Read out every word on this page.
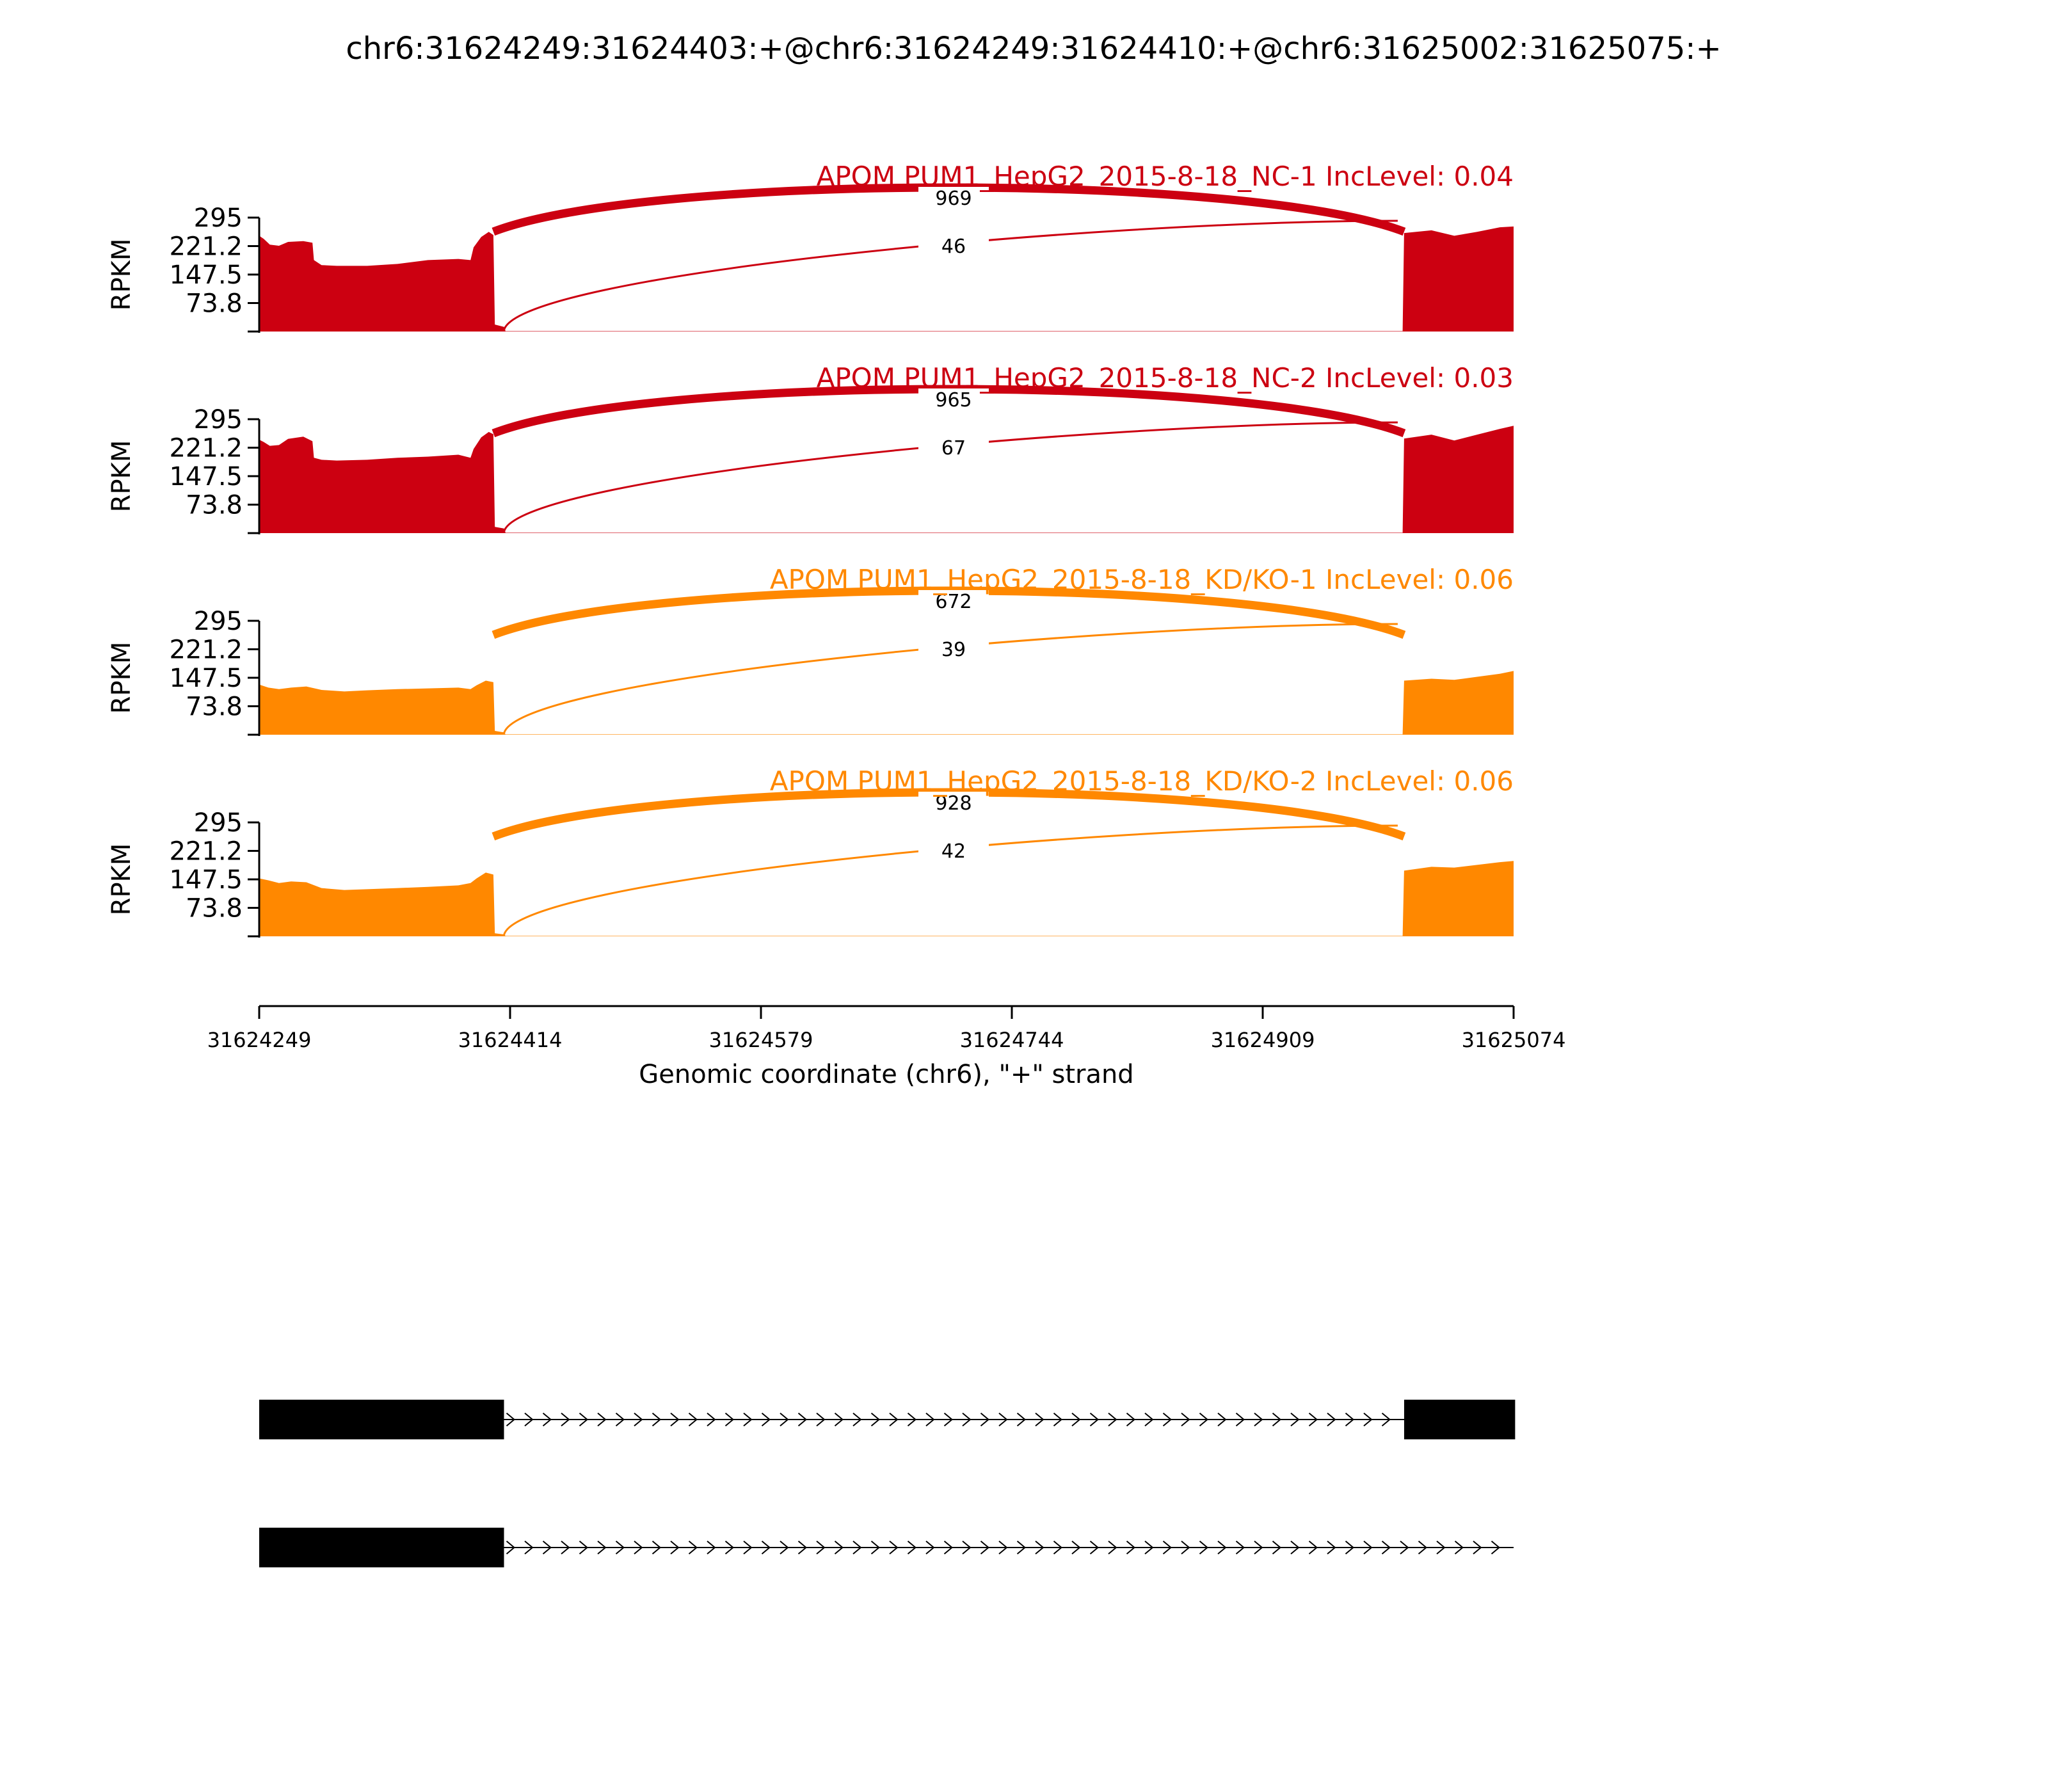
chr6:31624249:31624403:+@chr6:31624249:31624410:+@chr6:31625002:31625075:+
46
969
APOM PUM1_HepG2_2015-8-18_NC-1 IncLevel: 0.04
73.8
147.5
221.2
295
RPKM
67
965
APOM PUM1_HepG2_2015-8-18_NC-2 IncLevel: 0.03
73.8
147.5
221.2
295
RPKM
39
672
APOM PUM1_HepG2_2015-8-18_KD/KO-1 IncLevel: 0.06
73.8
147.5
221.2
295
RPKM
42
928
APOM PUM1_HepG2_2015-8-18_KD/KO-2 IncLevel: 0.06
73.8
147.5
221.2
295
RPKM
31624249	31624414	31624579	31624744	31624909	31625074
Genomic coordinate (chr6), "+" strand
